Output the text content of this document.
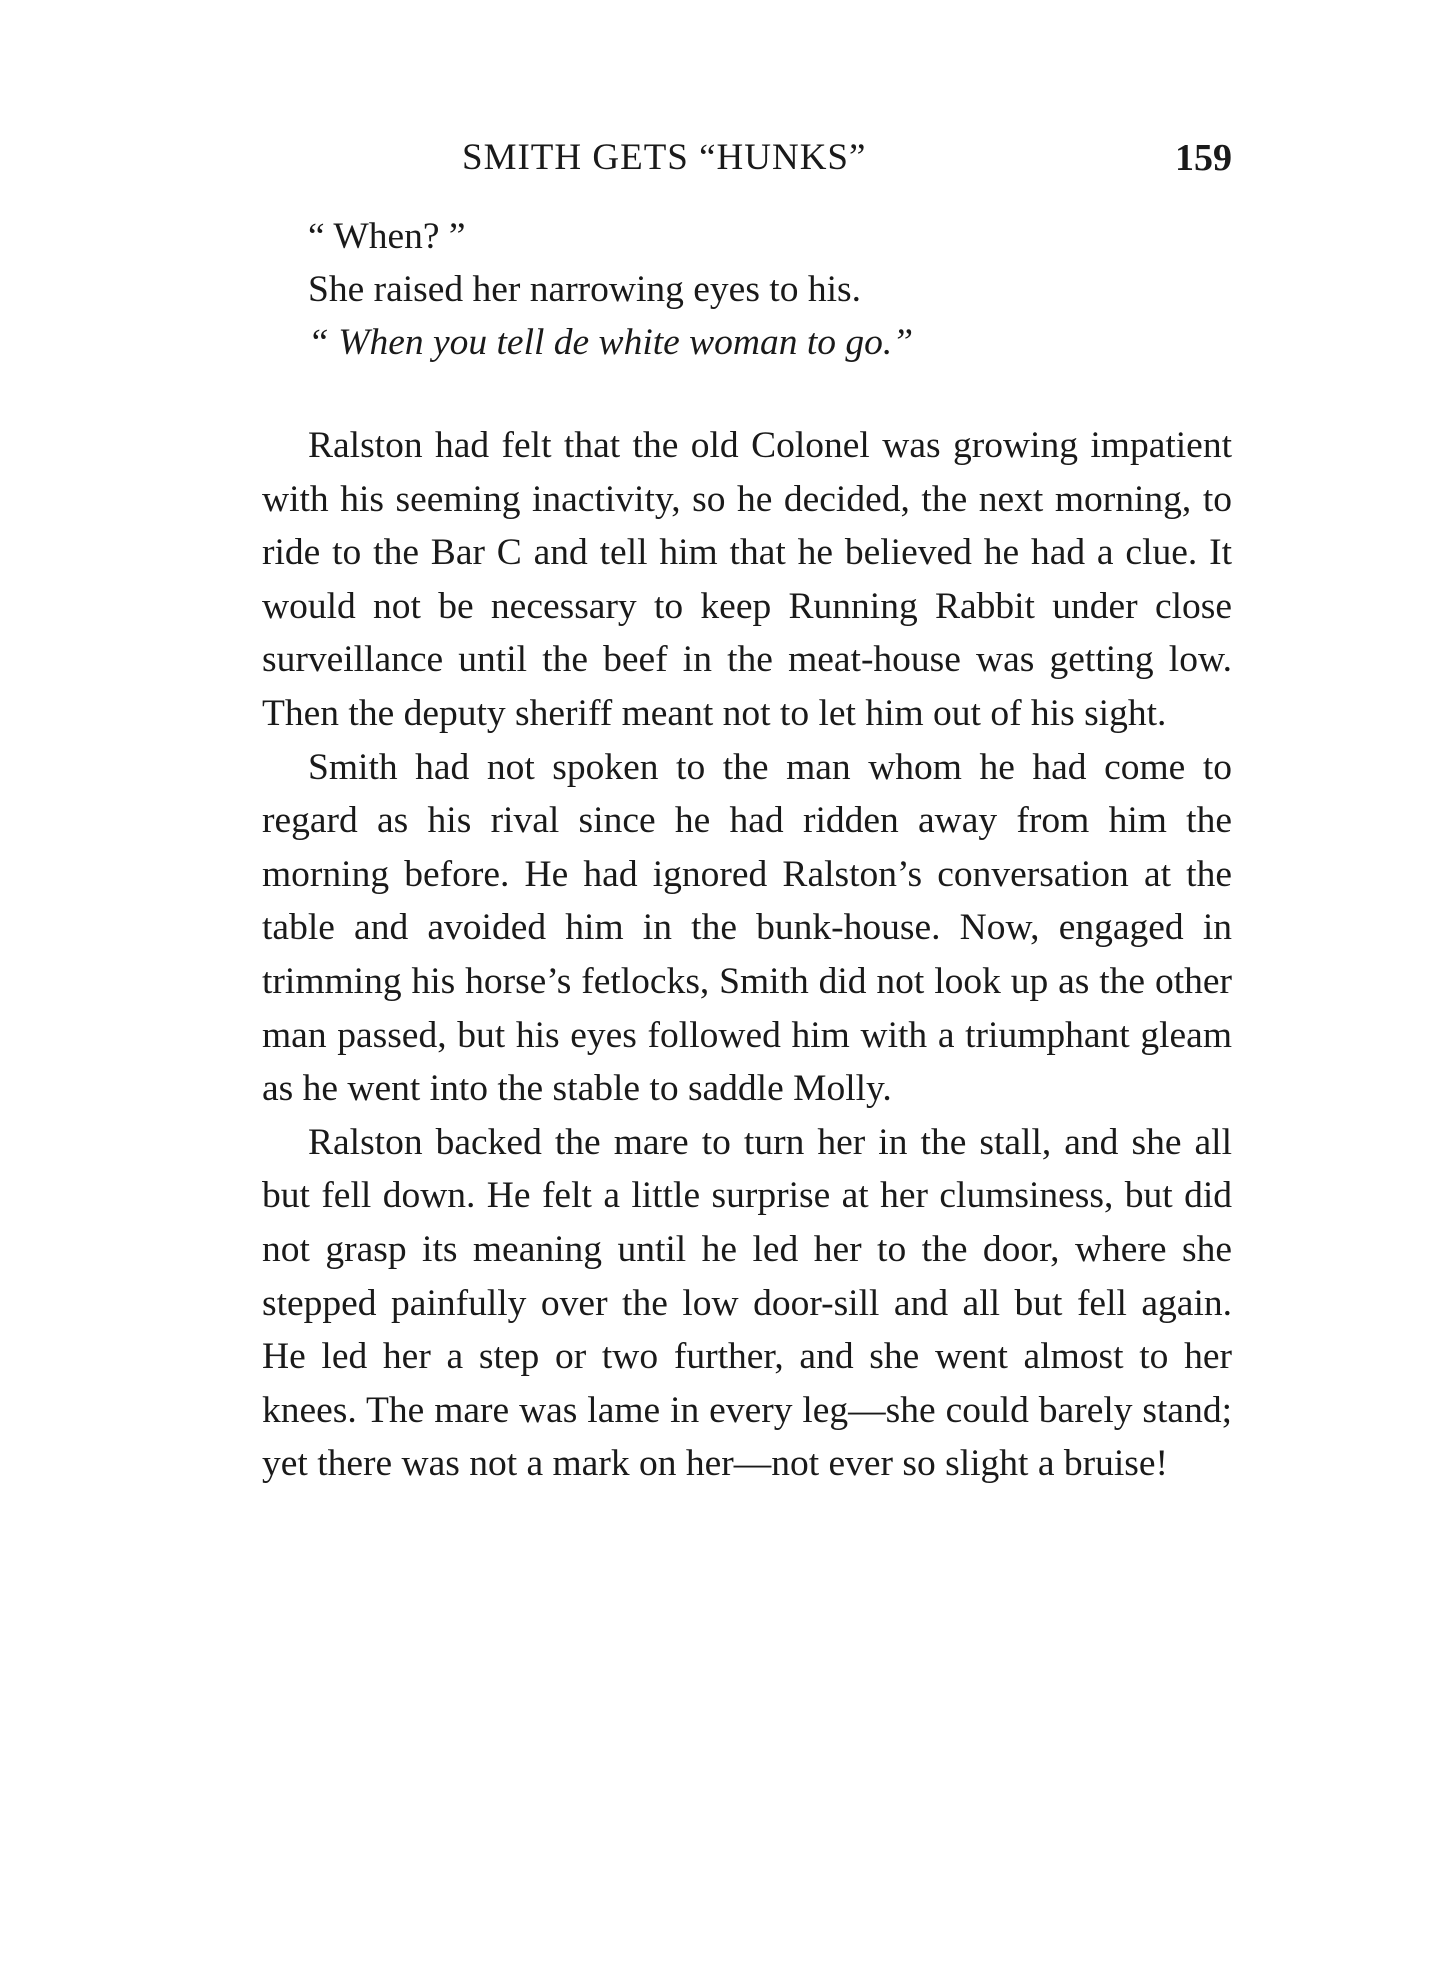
SMITH GETS “HUNKS”	159

“ When? ”

She raised her narrowing eyes to his.

“ When you tell de white woman to go.”

Ralston had felt that the old Colonel was growing impatient with his seeming inactivity, so he decided, the next morning, to ride to the Bar C and tell him that he believed he had a clue. It would not be necessary to keep Running Rabbit under close surveillance until the beef in the meat-house was getting low. Then the deputy sheriff meant not to let him out of his sight.

Smith had not spoken to the man whom he had come to regard as his rival since he had ridden away from him the morning before. He had ignored Ralston’s conversation at the table and avoided him in the bunk-house. Now, engaged in trimming his horse’s fetlocks, Smith did not look up as the other man passed, but his eyes followed him with a triumphant gleam as he went into the stable to saddle Molly.

Ralston backed the mare to turn her in the stall, and she all but fell down. He felt a little surprise at her clumsiness, but did not grasp its meaning until he led her to the door, where she stepped painfully over the low door-sill and all but fell again. He led her a step or two further, and she went almost to her knees. The mare was lame in every leg—she could barely stand; yet there was not a mark on her—not ever so slight a bruise!
